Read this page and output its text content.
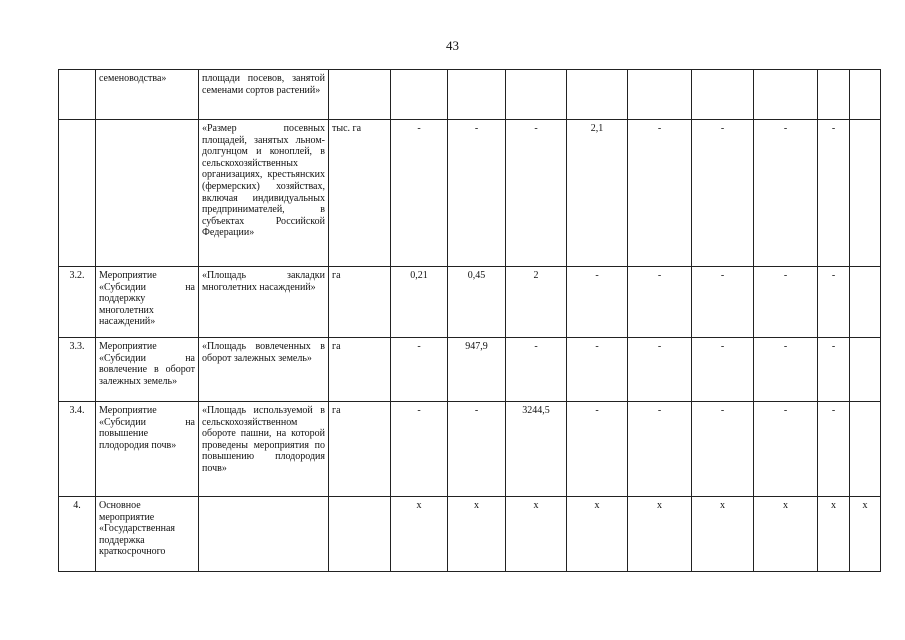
43
	семеноводства»	площади посевов, занятой семенами сортов растений»											
		«Размер посевных площадей, занятых льном-долгунцом и коноплей, в сельскохозяйственных организациях, крестьянских (фермерских) хозяйствах, включая индивидуальных предпринимателей, в субъектах Российской Федерации»	тыс. га	-	-	-	2,1	-	-	-	-		
3.2.	Мероприятие «Субсидии на поддержку многолетних насаждений»	«Площадь закладки многолетних насаждений»	га	0,21	0,45	2	-	-	-	-	-		
3.3.	Мероприятие «Субсидии на вовлечение в оборот залежных земель»	«Площадь вовлеченных в оборот залежных земель»	га	-	947,9	-	-	-	-	-	-		
3.4.	Мероприятие «Субсидии на повышение плодородия почв»	«Площадь используемой в сельскохозяйственном обороте пашни, на которой проведены мероприятия по повышению плодородия почв»	га	-	-	3244,5	-	-	-	-	-		
4.	Основное мероприятие «Государственная поддержка краткосрочного			x	x	x	x	x	x	x	x	x	
